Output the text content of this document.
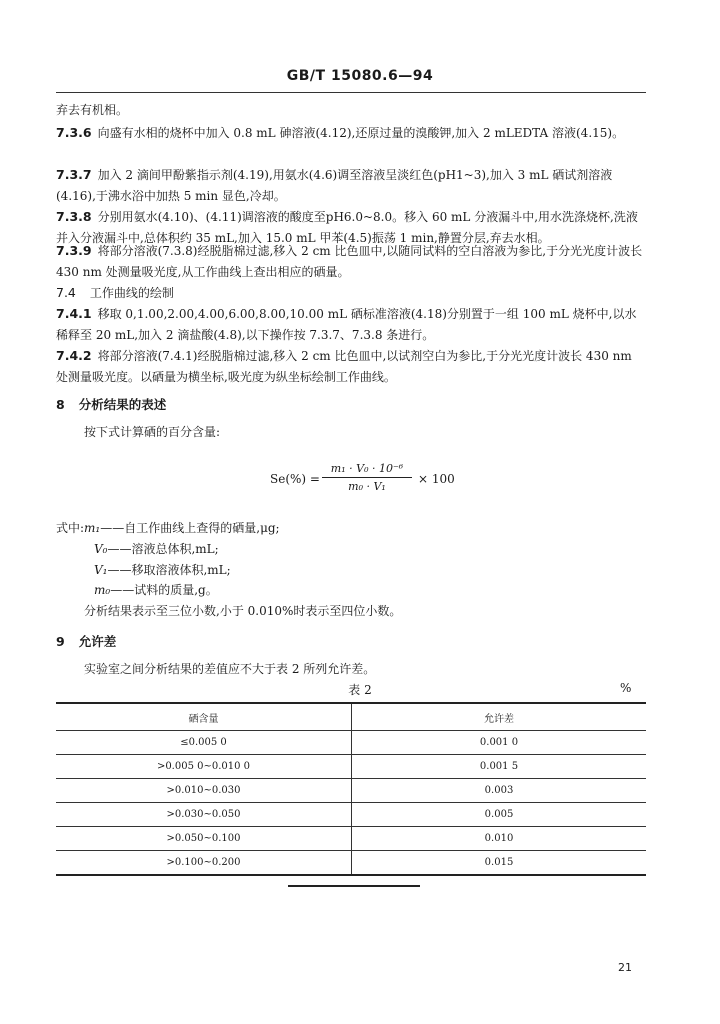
GB/T 15080.6—94
弃去有机相。
7.3.6 向盛有水相的烧杯中加入 0.8 mL 砷溶液(4.12),还原过量的溴酸钾,加入 2 mLEDTA 溶液(4.15)。
7.3.7 加入 2 滴间甲酚紫指示剂(4.19),用氨水(4.6)调至溶液呈淡红色(pH1~3),加入 3 mL 硒试剂溶液(4.16),于沸水浴中加热 5 min 显色,冷却。
7.3.8 分别用氨水(4.10)、(4.11)调溶液的酸度至pH6.0~8.0。移入 60 mL 分液漏斗中,用水洗涤烧杯,洗液并入分液漏斗中,总体积约 35 mL,加入 15.0 mL 甲苯(4.5)振荡 1 min,静置分层,弃去水相。
7.3.9 将部分溶液(7.3.8)经脱脂棉过滤,移入 2 cm 比色皿中,以随同试料的空白溶液为参比,于分光光度计波长 430 nm 处测量吸光度,从工作曲线上查出相应的硒量。
7.4 工作曲线的绘制
7.4.1 移取 0,1.00,2.00,4.00,6.00,8.00,10.00 mL 硒标准溶液(4.18)分别置于一组 100 mL 烧杯中,以水稀释至 20 mL,加入 2 滴盐酸(4.8),以下操作按 7.3.7、7.3.8 条进行。
7.4.2 将部分溶液(7.4.1)经脱脂棉过滤,移入 2 cm 比色皿中,以试剂空白为参比,于分光光度计波长 430 nm 处测量吸光度。以硒量为横坐标,吸光度为纵坐标绘制工作曲线。
8 分析结果的表述
按下式计算硒的百分含量:
Se(%) =
m₁ · V₀ · 10⁻⁶
m₀ · V₁
× 100
式中:m₁——自工作曲线上查得的硒量,μg;
V₀——溶液总体积,mL;
V₁——移取溶液体积,mL;
m₀——试料的质量,g。
分析结果表示至三位小数,小于 0.010%时表示至四位小数。
9 允许差
实验室之间分析结果的差值应不大于表 2 所列允许差。
表 2	%
硒含量	允许差
≤0.005 0	0.001 0
>0.005 0~0.010 0	0.001 5
>0.010~0.030	0.003
>0.030~0.050	0.005
>0.050~0.100	0.010
>0.100~0.200	0.015
21
